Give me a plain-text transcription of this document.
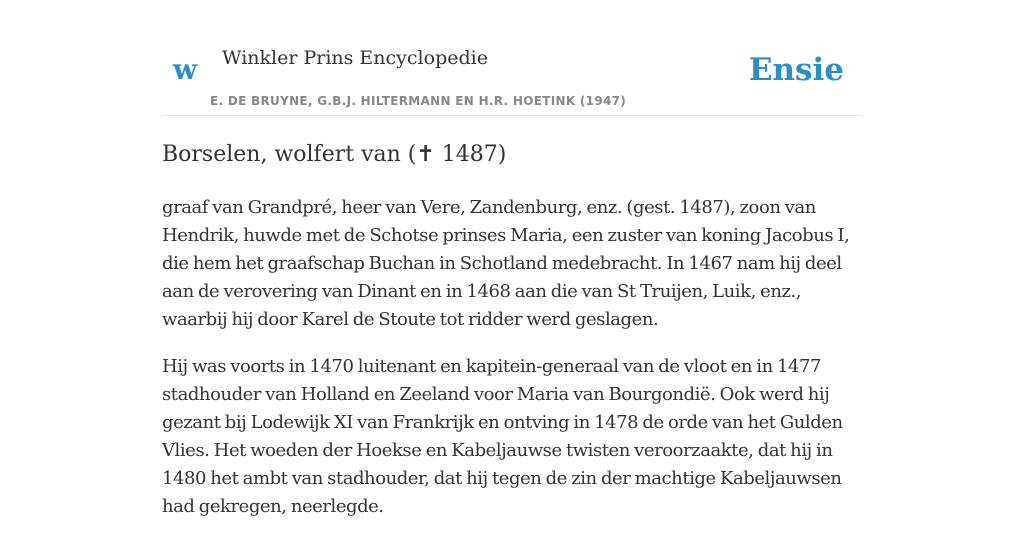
w Winkler Prins Encyclopedie
E. DE BRUYNE, G.B.J. HILTERMANN EN H.R. HOETINK (1947)
Ensie
Borselen, wolfert van (✝ 1487)

graaf van Grandpré, heer van Vere, Zandenburg, enz. (gest. 1487), zoon van Hendrik, huwde met de Schotse prinses Maria, een zuster van koning Jacobus I, die hem het graafschap Buchan in Schotland medebracht. In 1467 nam hij deel aan de verovering van Dinant en in 1468 aan die van St Truijen, Luik, enz., waarbij hij door Karel de Stoute tot ridder werd geslagen.

Hij was voorts in 1470 luitenant en kapitein-generaal van de vloot en in 1477 stadhouder van Holland en Zeeland voor Maria van Bourgondië. Ook werd hij gezant bij Lodewijk XI van Frankrijk en ontving in 1478 de orde van het Gulden Vlies. Het woeden der Hoekse en Kabeljauwse twisten veroorzaakte, dat hij in 1480 het ambt van stadhouder, dat hij tegen de zin der machtige Kabeljauwsen had gekregen, neerlegde.
